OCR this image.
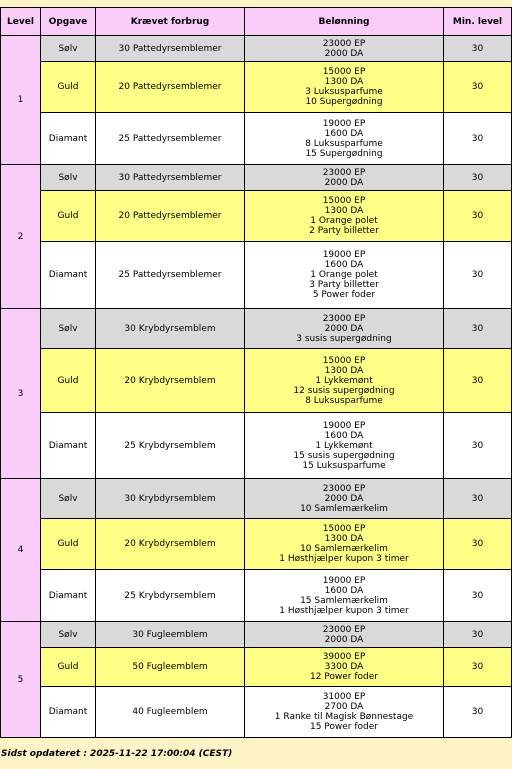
Level	Opgave	Krævet forbrug	Belønning	Min. level
1	Sølv	30 Pattedyrsemblemer	23000 EP
2000 DA	30
	Guld	20 Pattedyrsemblemer	15000 EP
1300 DA
3 Luksusparfume
10 Supergødning	30
	Diamant	25 Pattedyrsemblemer	19000 EP
1600 DA
8 Luksusparfume
15 Supergødning	30
2	Sølv	30 Pattedyrsemblemer	23000 EP
2000 DA	30
	Guld	20 Pattedyrsemblemer	15000 EP
1300 DA
1 Orange polet
2 Party billetter	30
	Diamant	25 Pattedyrsemblemer	19000 EP
1600 DA
1 Orange polet
3 Party billetter
5 Power foder	30
3	Sølv	30 Krybdyrsemblem	23000 EP
2000 DA
3 susis supergødning	30
	Guld	20 Krybdyrsemblem	15000 EP
1300 DA
1 Lykkemønt
12 susis supergødning
8 Luksusparfume	30
	Diamant	25 Krybdyrsemblem	19000 EP
1600 DA
1 Lykkemønt
15 susis supergødning
15 Luksusparfume	30
4	Sølv	30 Krybdyrsemblem	23000 EP
2000 DA
10 Samlemærkelim	30
	Guld	20 Krybdyrsemblem	15000 EP
1300 DA
10 Samlemærkelim
1 Høsthjælper kupon 3 timer	30
	Diamant	25 Krybdyrsemblem	19000 EP
1600 DA
15 Samlemærkelim
1 Høsthjælper kupon 3 timer	30
5	Sølv	30 Fugleemblem	23000 EP
2000 DA	30
	Guld	50 Fugleemblem	39000 EP
3300 DA
12 Power foder	30
	Diamant	40 Fugleemblem	31000 EP
2700 DA
1 Ranke til Magisk Bønnestage
15 Power foder	30
Sidst opdateret : 2025-11-22 17:00:04 (CEST)
